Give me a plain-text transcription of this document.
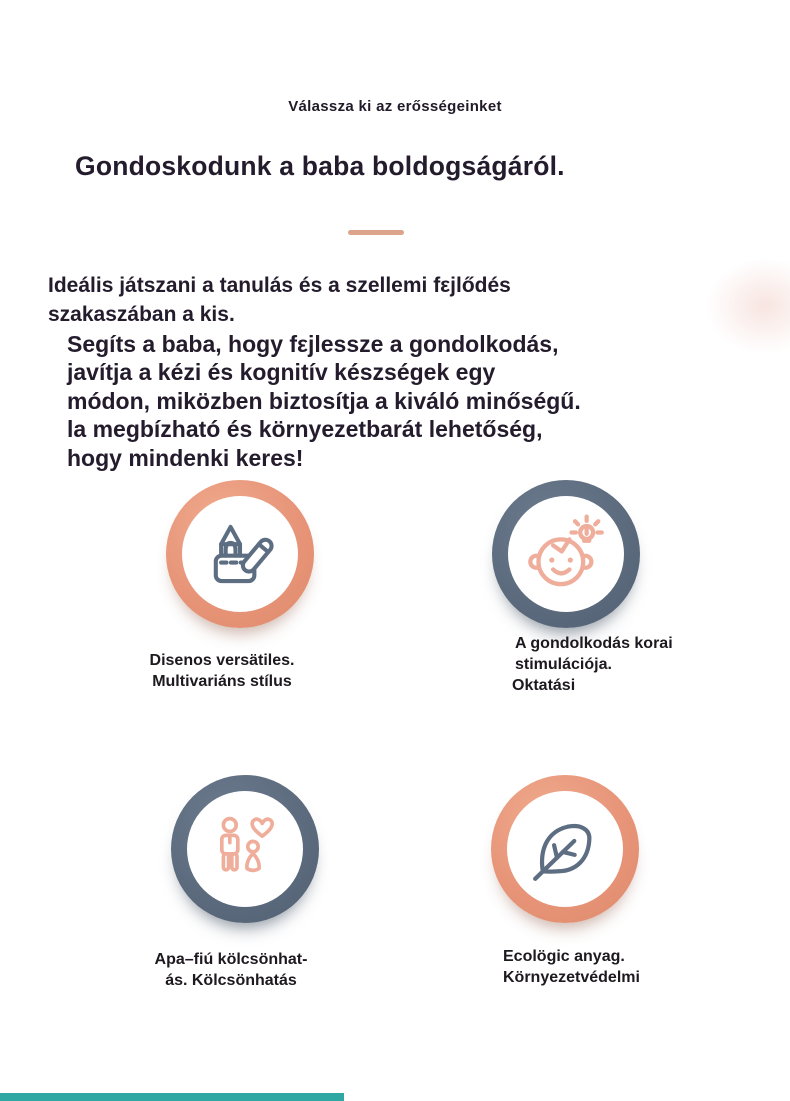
Válassza ki az erősségeinket
Gondoskodunk a baba boldogságáról.
Ideális játszani a tanulás és a szellemi fεjlődés
szakaszában a kis.
Segíts a baba, hogy fεjlessze a gondolkodás,
javítja a kézi és kognitív készségek egy
módon, miközben biztosítja a kiváló minőségű.
la megbízható és környezetbarát lehetőség,
hogy mindenki keres!
Disenos versätiles.
Multivariáns stílus
A gondolkodás korai
stimulációja.
Oktatási
Apa–fiú kölcsönhat-
ás. Kölcsönhatás
Ecolögic anyag.
Környezetvédelmi
